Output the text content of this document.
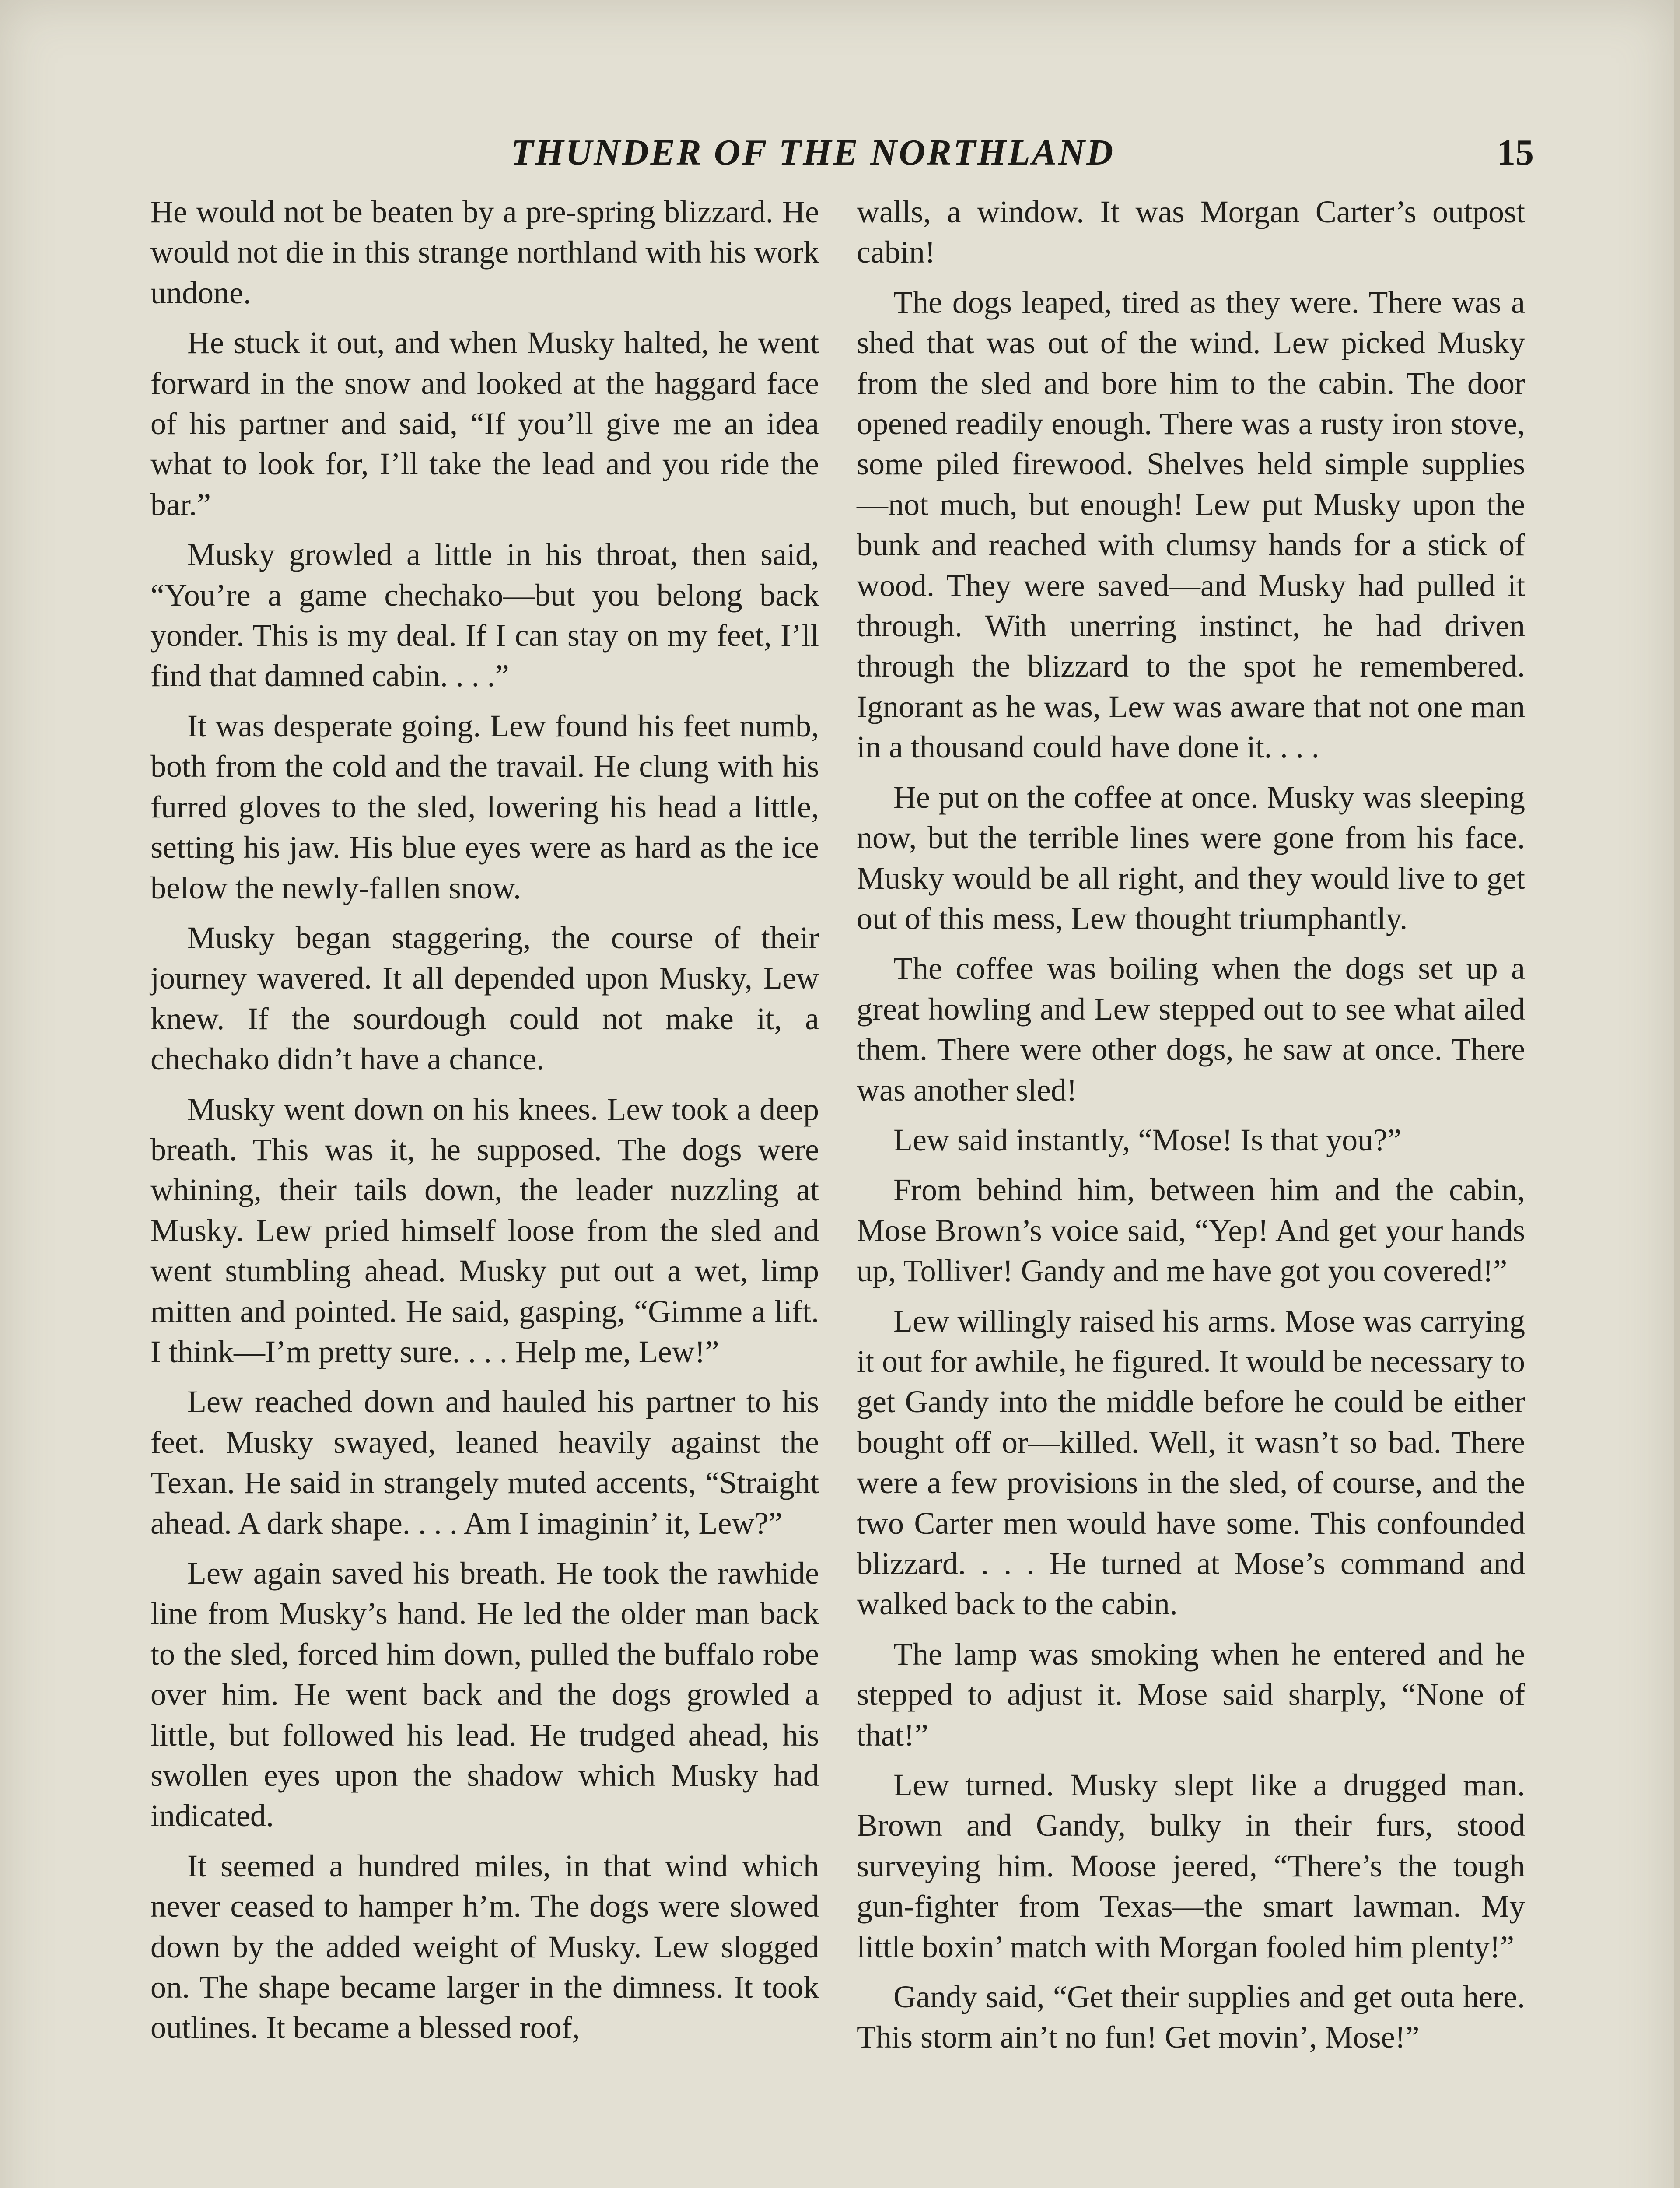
THUNDER OF THE NORTHLAND	15

He would not be beaten by a pre-spring blizzard. He would not die in this strange northland with his work undone.

He stuck it out, and when Musky halted, he went forward in the snow and looked at the haggard face of his partner and said, “If you’ll give me an idea what to look for, I’ll take the lead and you ride the bar.”

Musky growled a little in his throat, then said, “You’re a game chechako—but you belong back yonder. This is my deal. If I can stay on my feet, I’ll find that damned cabin. . . .”

It was desperate going. Lew found his feet numb, both from the cold and the travail. He clung with his furred gloves to the sled, lowering his head a little, setting his jaw. His blue eyes were as hard as the ice below the newly-fallen snow.

Musky began staggering, the course of their journey wavered. It all depended upon Musky, Lew knew. If the sourdough could not make it, a chechako didn’t have a chance.

Musky went down on his knees. Lew took a deep breath. This was it, he supposed. The dogs were whining, their tails down, the leader nuzzling at Musky. Lew pried himself loose from the sled and went stumbling ahead. Musky put out a wet, limp mitten and pointed. He said, gasping, “Gimme a lift. I think—I’m pretty sure. . . . Help me, Lew!”

Lew reached down and hauled his partner to his feet. Musky swayed, leaned heavily against the Texan. He said in strangely muted accents, “Straight ahead. A dark shape. . . . Am I imaginin’ it, Lew?”

Lew again saved his breath. He took the rawhide line from Musky’s hand. He led the older man back to the sled, forced him down, pulled the buffalo robe over him. He went back and the dogs growled a little, but followed his lead. He trudged ahead, his swollen eyes upon the shadow which Musky had indicated.

It seemed a hundred miles, in that wind which never ceased to hamper h’m. The dogs were slowed down by the added weight of Musky. Lew slogged on. The shape became larger in the dimness. It took outlines. It became a blessed roof,

walls, a window. It was Morgan Carter’s outpost cabin!

The dogs leaped, tired as they were. There was a shed that was out of the wind. Lew picked Musky from the sled and bore him to the cabin. The door opened readily enough. There was a rusty iron stove, some piled firewood. Shelves held simple supplies—not much, but enough! Lew put Musky upon the bunk and reached with clumsy hands for a stick of wood. They were saved—and Musky had pulled it through. With unerring instinct, he had driven through the blizzard to the spot he remembered. Ignorant as he was, Lew was aware that not one man in a thousand could have done it. . . .

He put on the coffee at once. Musky was sleeping now, but the terrible lines were gone from his face. Musky would be all right, and they would live to get out of this mess, Lew thought triumphantly.

The coffee was boiling when the dogs set up a great howling and Lew stepped out to see what ailed them. There were other dogs, he saw at once. There was another sled!

Lew said instantly, “Mose! Is that you?”

From behind him, between him and the cabin, Mose Brown’s voice said, “Yep! And get your hands up, Tolliver! Gandy and me have got you covered!”

Lew willingly raised his arms. Mose was carrying it out for awhile, he figured. It would be necessary to get Gandy into the middle before he could be either bought off or—killed. Well, it wasn’t so bad. There were a few provisions in the sled, of course, and the two Carter men would have some. This confounded blizzard. . . . He turned at Mose’s command and walked back to the cabin.

The lamp was smoking when he entered and he stepped to adjust it. Mose said sharply, “None of that!”

Lew turned. Musky slept like a drugged man. Brown and Gandy, bulky in their furs, stood surveying him. Moose jeered, “There’s the tough gun-fighter from Texas—the smart lawman. My little boxin’ match with Morgan fooled him plenty!”

Gandy said, “Get their supplies and get outa here. This storm ain’t no fun! Get movin’, Mose!”
